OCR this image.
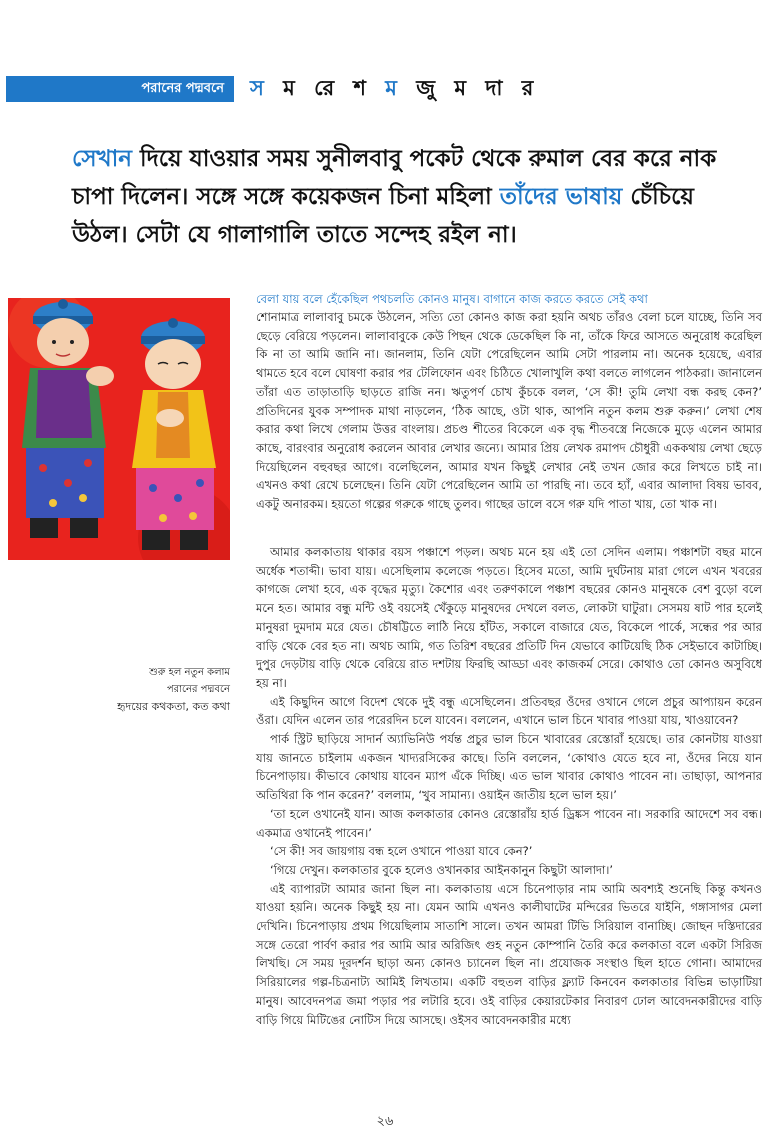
পরানের পদ্মবনে	স ম রে শ ম জু ম দা র
সেখান দিয়ে যাওয়ার সময় সুনীলবাবু পকেট থেকে রুমাল বের করে নাক চাপা দিলেন। সঙ্গে সঙ্গে কয়েকজন চিনা মহিলা তাঁদের ভাষায় চেঁচিয়ে উঠল। সেটা যে গালাগালি তাতে সন্দেহ রইল না।
শুরু হল নতুন কলাম
পরানের পদ্মবনে
হৃদয়ের কথকতা, কত কথা
বেলা যায় বলে হেঁকেছিল পথচলতি কোনও মানুষ। বাগানে কাজ করতে করতে সেই কথা

শোনামাত্র লালাবাবু চমকে উঠলেন, সত্যি তো কোনও কাজ করা হয়নি অথচ তাঁরও বেলা চলে যাচ্ছে, তিনি সব ছেড়ে বেরিয়ে পড়লেন। লালাবাবুকে কেউ পিছন থেকে ডেকেছিল কি না, তাঁকে ফিরে আসতে অনুরোধ করেছিল কি না তা আমি জানি না। জানলাম, তিনি যেটা পেরেছিলেন আমি সেটা পারলাম না। অনেক হয়েছে, এবার থামতে হবে বলে ঘোষণা করার পর টেলিফোন এবং চিঠিতে খোলাখুলি কথা বলতে লাগলেন পাঠকরা। জানালেন তাঁরা এত তাড়াতাড়ি ছাড়তে রাজি নন। ঋতুপর্ণ চোখ কুঁচকে বলল, ‘সে কী! তুমি লেখা বন্ধ করছ কেন?’ প্রতিদিনের যুবক সম্পাদক মাথা নাড়লেন, ‘ঠিক আছে, ওটা থাক, আপনি নতুন কলম শুরু করুন।’ লেখা শেষ করার কথা লিখে গেলাম উত্তর বাংলায়। প্রচণ্ড শীতের বিকেলে এক বৃদ্ধ শীতবস্ত্রে নিজেকে মুড়ে এলেন আমার কাছে, বারংবার অনুরোধ করলেন আবার লেখার জন্যে। আমার প্রিয় লেখক রমাপদ চৌধুরী এককথায় লেখা ছেড়ে দিয়েছিলেন বহুবছর আগে। বলেছিলেন, আমার যখন কিছুই লেখার নেই তখন জোর করে লিখতে চাই না। এখনও কথা রেখে চলেছেন। তিনি যেটা পেরেছিলেন আমি তা পারছি না। তবে হ্যাঁ, এবার আলাদা বিষয় ভাবব, একটু অনারকম। হয়তো গল্পের গরুকে গাছে তুলব। গাছের ডালে বসে গরু যদি পাতা খায়, তো খাক না।

আমার কলকাতায় থাকার বয়স পঞ্চাশে পড়ল। অথচ মনে হয় এই তো সেদিন এলাম। পঞ্চাশটা বছর মানে অর্ধেক শতাব্দী। ভাবা যায়। এসেছিলাম কলেজে পড়তে। হিসেব মতো, আমি দুর্ঘটনায় মারা গেলে এখন খবরের কাগজে লেখা হবে, এক বৃদ্ধের মৃত্যু। কৈশোর এবং তরুণকালে পঞ্চাশ বছরের কোনও মানুষকে বেশ বুড়ো বলে মনে হত। আমার বন্ধু মন্টি ওই বয়সেই খেঁকুড়ে মানুষদের দেখলে বলত, লোকটা ঘাটুরা। সেসময় ষাট পার হলেই মানুষরা দুমদাম মরে যেত। চৌষট্টিতে লাঠি নিয়ে হাঁটত, সকালে বাজারে যেত, বিকেলে পার্কে, সন্ধের পর আর বাড়ি থেকে বের হত না। অথচ আমি, গত তিরিশ বছরের প্রতিটি দিন যেভাবে কাটিয়েছি ঠিক সেইভাবে কাটাচ্ছি। দুপুর দেড়টায় বাড়ি থেকে বেরিয়ে রাত দশটায় ফিরছি আড্ডা এবং কাজকর্ম সেরে। কোথাও তো কোনও অসুবিধে হয় না।

এই কিছুদিন আগে বিদেশ থেকে দুই বন্ধু এসেছিলেন। প্রতিবছর ওঁদের ওখানে গেলে প্রচুর আপ্যায়ন করেন ওঁরা। যেদিন এলেন তার পরেরদিন চলে যাবেন। বললেন, এখানে ভাল চিনে খাবার পাওয়া যায়, খাওয়াবেন?

পার্ক স্ট্রিট ছাড়িয়ে সাদার্ন অ্যাভিনিউ পর্যন্ত প্রচুর ভাল চিনে খাবারের রেস্তোরাঁ হয়েছে। তার কোনটায় যাওয়া যায় জানতে চাইলাম একজন খাদ্যরসিকের কাছে। তিনি বললেন, ‘কোথাও যেতে হবে না, ওঁদের নিয়ে যান চিনেপাড়ায়। কীভাবে কোথায় যাবেন ম্যাপ এঁকে দিচ্ছি। এত ভাল খাবার কোথাও পাবেন না। তাছাড়া, আপনার অতিথিরা কি পান করেন?’ বললাম, ‘খুব সামান্য। ওয়াইন জাতীয় হলে ভাল হয়।’

‘তা হলে ওখানেই যান। আজ কলকাতার কোনও রেস্তোরাঁয় হার্ড ড্রিঙ্কস পাবেন না। সরকারি আদেশে সব বন্ধ। একমাত্র ওখানেই পাবেন।’

‘সে কী! সব জায়গায় বন্ধ হলে ওখানে পাওয়া যাবে কেন?’

‘গিয়ে দেখুন। কলকাতার বুকে হলেও ওখানকার আইনকানুন কিছুটা আলাদা।’

এই ব্যাপারটা আমার জানা ছিল না। কলকাতায় এসে চিনেপাড়ার নাম আমি অবশ্যই শুনেছি কিন্তু কখনও যাওয়া হয়নি। অনেক কিছুই হয় না। যেমন আমি এখনও কালীঘাটের মন্দিরের ভিতরে যাইনি, গঙ্গাসাগর মেলা দেখিনি। চিনেপাড়ায় প্রথম গিয়েছিলাম সাতাশি সালে। তখন আমরা টিভি সিরিয়াল বানাচ্ছি। জোছন দস্তিদারের সঙ্গে তেরো পার্বণ করার পর আমি আর অরিজিৎ গুহ নতুন কোম্পানি তৈরি করে কলকাতা বলে একটা সিরিজ লিখছি। সে সময় দূরদর্শন ছাড়া অন্য কোনও চ্যানেল ছিল না। প্রযোজক সংস্থাও ছিল হাতে গোনা। আমাদের সিরিয়ালের গল্প-চিত্রনাট্য আমিই লিখতাম। একটি বহুতল বাড়ির ফ্ল্যাট কিনবেন কলকাতার বিভিন্ন ভাড়াটিয়া মানুষ। আবেদনপত্র জমা পড়ার পর লটারি হবে। ওই বাড়ির কেয়ারটেকার নিবারণ ঢোল আবেদনকারীদের বাড়ি বাড়ি গিয়ে মিটিঙের নোটিস দিয়ে আসছে। ওইসব আবেদনকারীর মধ্যে

২৬
